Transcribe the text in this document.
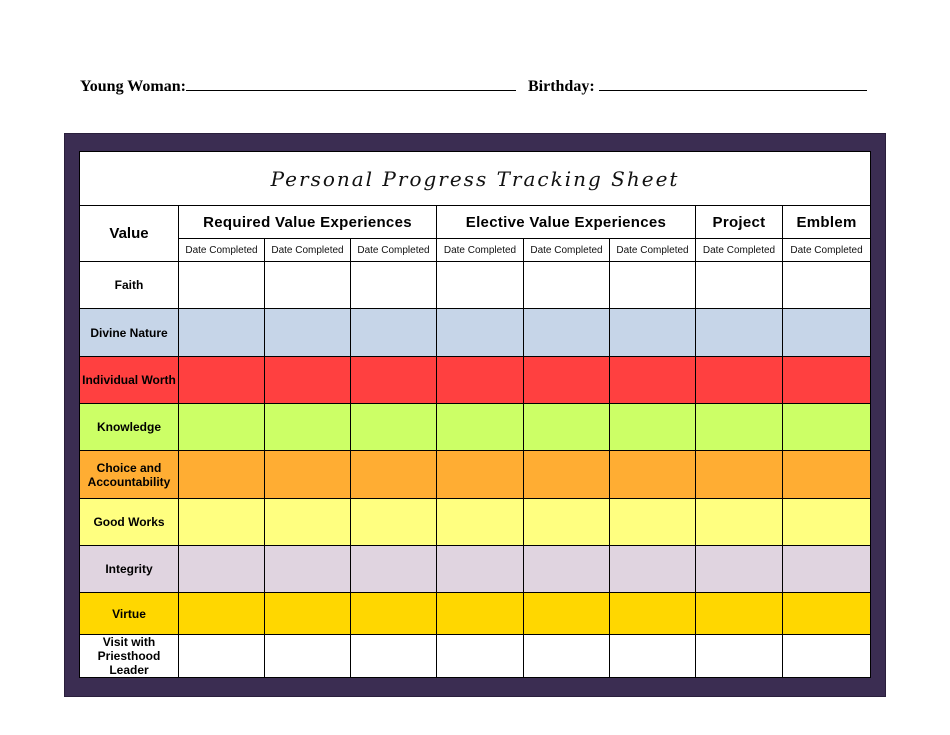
Young Woman:	Birthday:
Personal Progress Tracking Sheet								
Value	Required Value Experiences			Elective Value Experiences			Project	Emblem
	Date Completed	Date Completed	Date Completed	Date Completed	Date Completed	Date Completed	Date Completed	Date Completed
Faith								
Divine Nature								
Individual Worth								
Knowledge								
Choice and Accountability								
Good Works								
Integrity								
Virtue								
Visit with Priesthood Leader								
